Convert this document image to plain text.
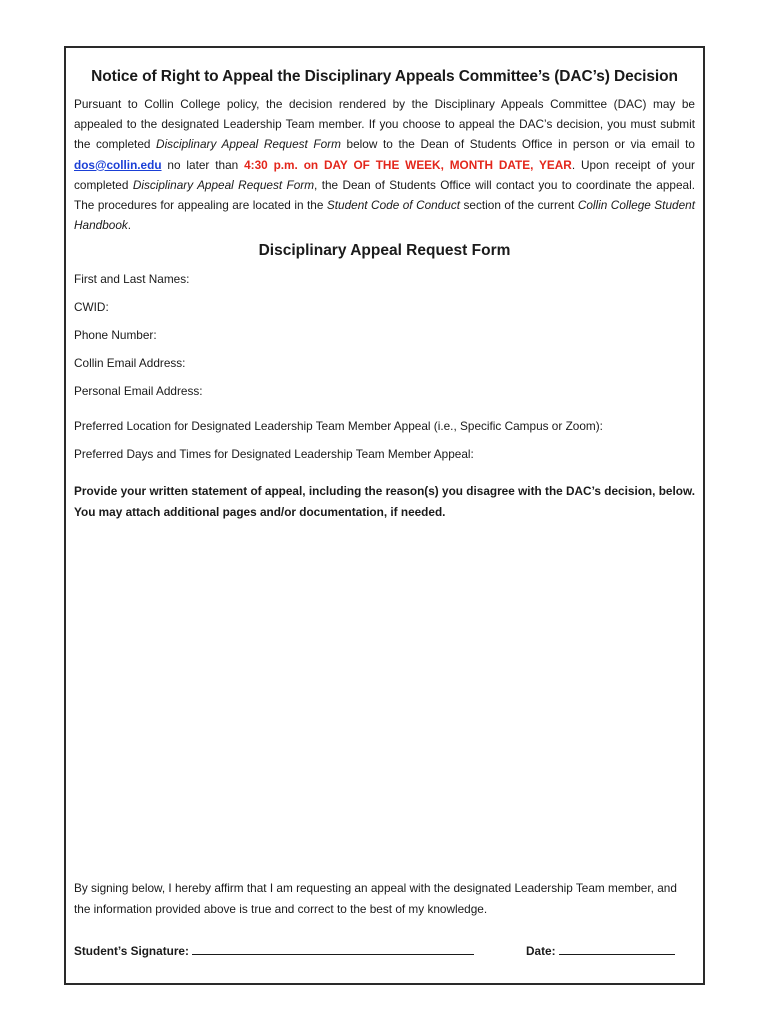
Notice of Right to Appeal the Disciplinary Appeals Committee’s (DAC’s) Decision
Pursuant to Collin College policy, the decision rendered by the Disciplinary Appeals Committee (DAC) may be appealed to the designated Leadership Team member. If you choose to appeal the DAC’s decision, you must submit the completed Disciplinary Appeal Request Form below to the Dean of Students Office in person or via email to dos@collin.edu no later than 4:30 p.m. on DAY OF THE WEEK, MONTH DATE, YEAR. Upon receipt of your completed Disciplinary Appeal Request Form, the Dean of Students Office will contact you to coordinate the appeal. The procedures for appealing are located in the Student Code of Conduct section of the current Collin College Student Handbook.
Disciplinary Appeal Request Form
First and Last Names:
CWID:
Phone Number:
Collin Email Address:
Personal Email Address:
Preferred Location for Designated Leadership Team Member Appeal (i.e., Specific Campus or Zoom):
Preferred Days and Times for Designated Leadership Team Member Appeal:
Provide your written statement of appeal, including the reason(s) you disagree with the DAC’s decision, below. You may attach additional pages and/or documentation, if needed.
By signing below, I hereby affirm that I am requesting an appeal with the designated Leadership Team member, and the information provided above is true and correct to the best of my knowledge.
Student’s Signature:	Date:
